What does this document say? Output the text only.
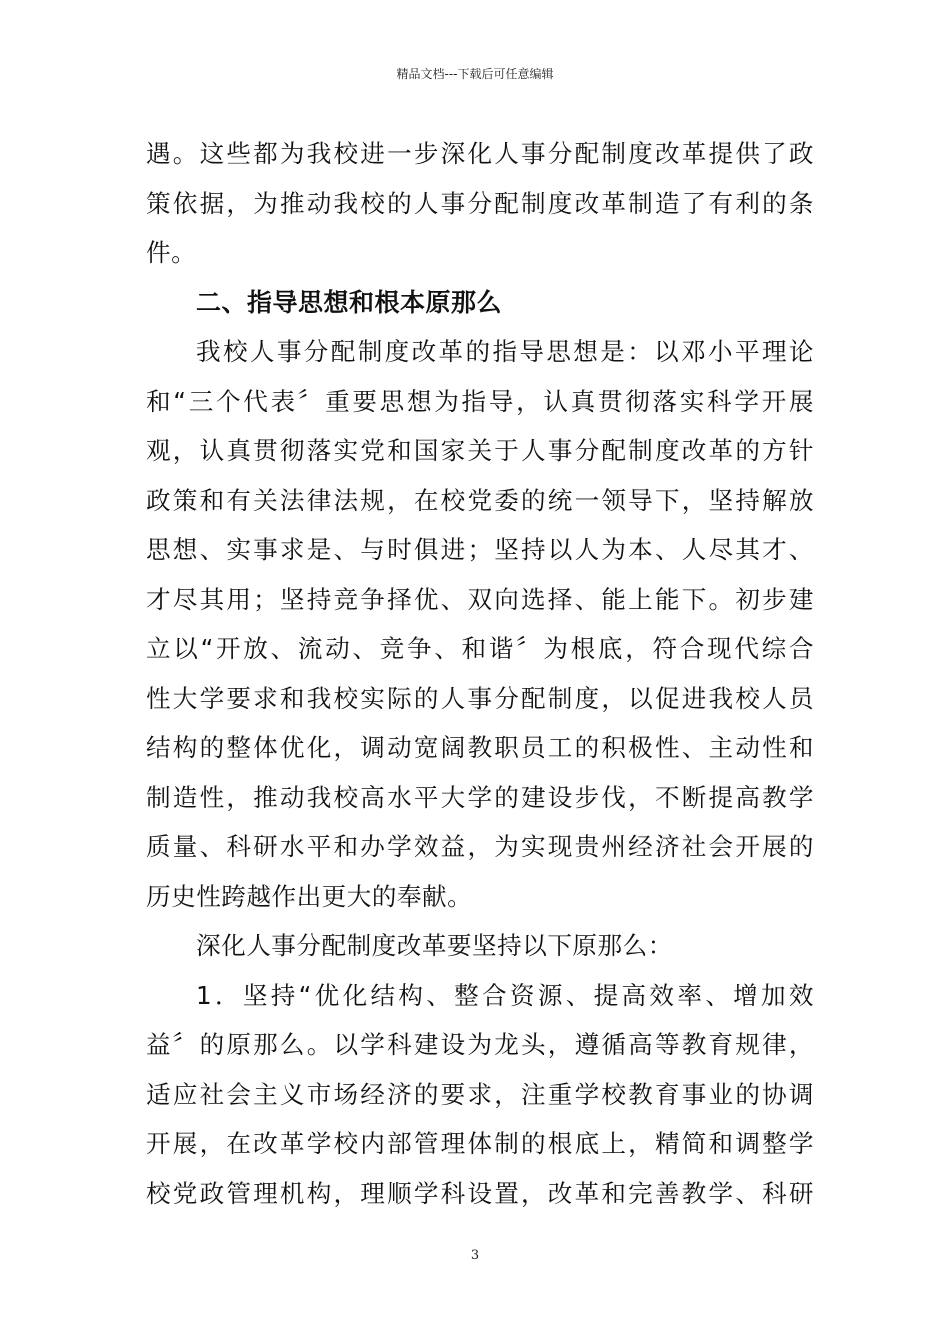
精品文档---下载后可任意编辑
遇。这些都为我校进一步深化人事分配制度改革提供了政
策依据，为推动我校的人事分配制度改革制造了有利的条
件。
二、指导思想和根本原那么
我校人事分配制度改革的指导思想是：以邓小平理论
和“三个代表〞重要思想为指导，认真贯彻落实科学开展
观，认真贯彻落实党和国家关于人事分配制度改革的方针
政策和有关法律法规，在校党委的统一领导下，坚持解放
思想、实事求是、与时俱进；坚持以人为本、人尽其才、
才尽其用；坚持竞争择优、双向选择、能上能下。初步建
立以“开放、流动、竞争、和谐〞为根底，符合现代综合
性大学要求和我校实际的人事分配制度，以促进我校人员
结构的整体优化，调动宽阔教职员工的积极性、主动性和
制造性，推动我校高水平大学的建设步伐，不断提高教学
质量、科研水平和办学效益，为实现贵州经济社会开展的
历史性跨越作出更大的奉献。
深化人事分配制度改革要坚持以下原那么：
1．坚持“优化结构、整合资源、提高效率、增加效
益〞的原那么。以学科建设为龙头，遵循高等教育规律，
适应社会主义市场经济的要求，注重学校教育事业的协调
开展，在改革学校内部管理体制的根底上，精简和调整学
校党政管理机构，理顺学科设置，改革和完善教学、科研
3
